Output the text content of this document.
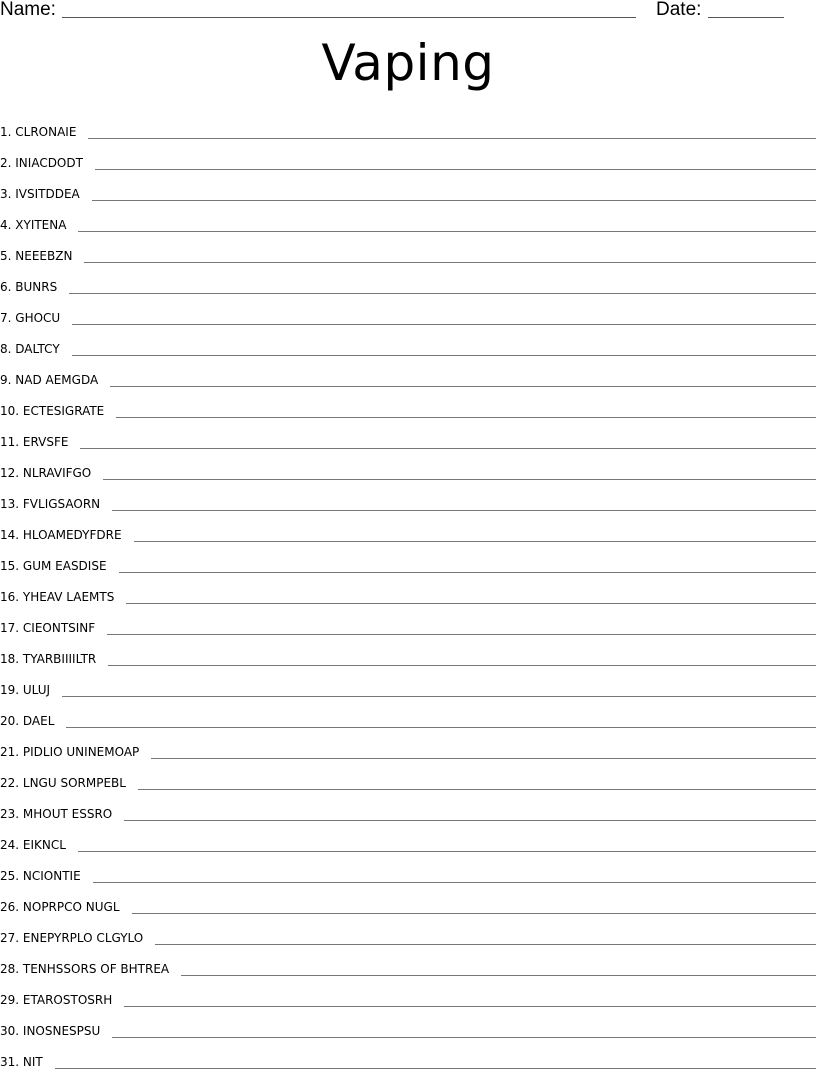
Name:	Date:
Vaping
1. CLRONAIE
2. INIACDODT
3. IVSITDDEA
4. XYITENA
5. NEEEBZN
6. BUNRS
7. GHOCU
8. DALTCY
9. NAD AEMGDA
10. ECTESIGRATE
11. ERVSFE
12. NLRAVIFGO
13. FVLIGSAORN
14. HLOAMEDYFDRE
15. GUM EASDISE
16. YHEAV LAEMTS
17. CIEONTSINF
18. TYARBIIIILTR
19. ULUJ
20. DAEL
21. PIDLIO UNINEMOAP
22. LNGU SORMPEBL
23. MHOUT ESSRO
24. EIKNCL
25. NCIONTIE
26. NOPRPCO NUGL
27. ENEPYRPLO CLGYLO
28. TENHSSORS OF BHTREA
29. ETAROSTOSRH
30. INOSNESPSU
31. NIT
